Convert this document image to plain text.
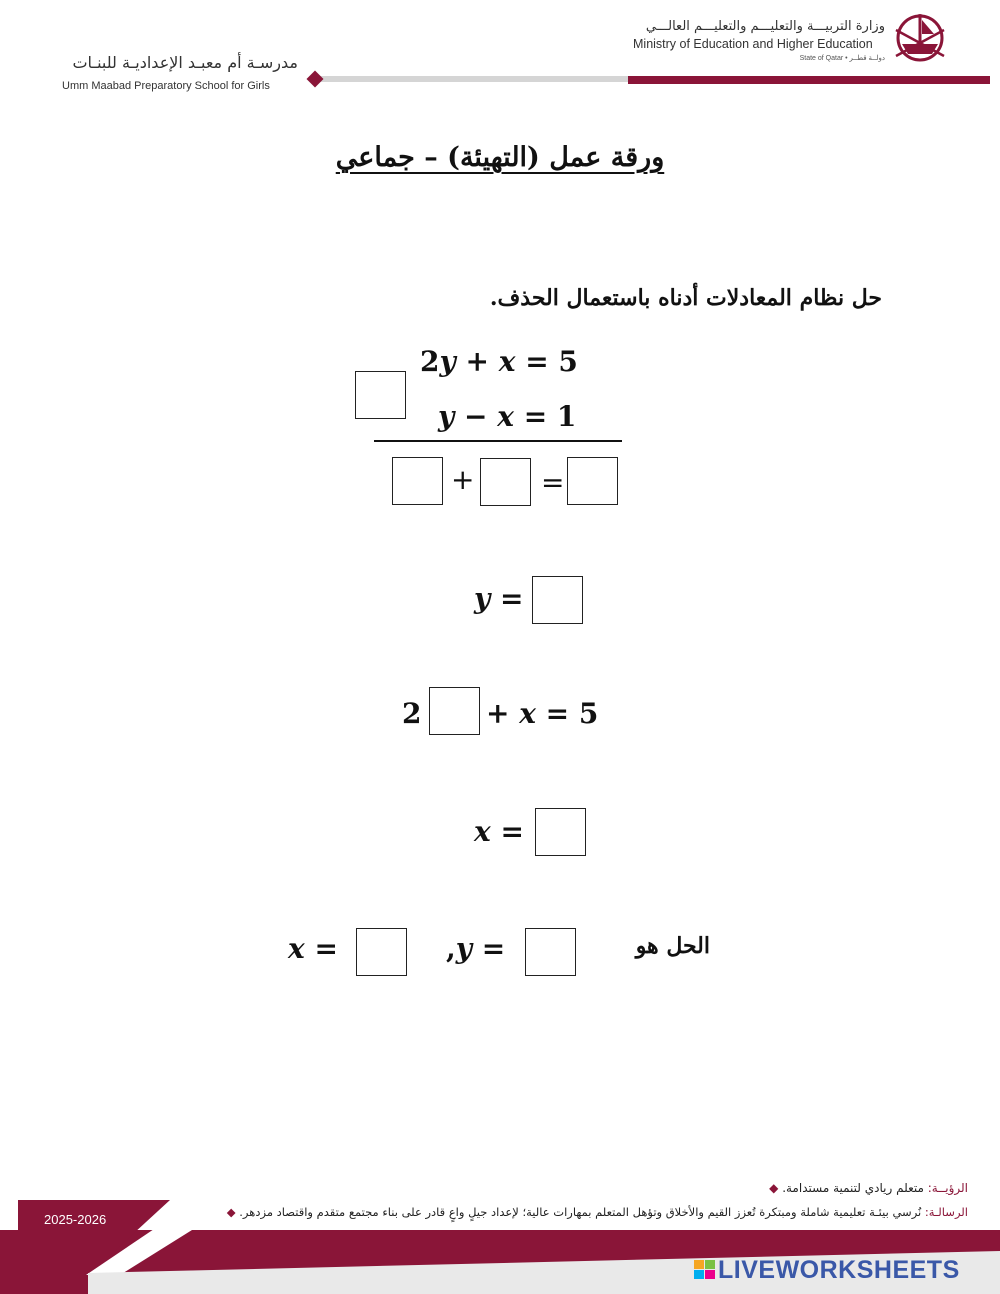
مدرسـة أم معبـد الإعداديـة للبنـات
Umm Maabad Preparatory School for Girls
وزارة التربيـــة والتعليـــم والتعليـــم العالـــي
Ministry of Education and Higher Education
State of Qatar • دولــة قطــر
ورقة عمل (التهيئة) – جماعي
حل نظام المعادلات أدناه باستعمال الحذف.
2y + x = 5
y − x = 1
+ =
y =
2 + x = 5
x =
x =	,y =	الحل هو
الرؤيــة: متعلم ريادي لتنمية مستدامة. ◆
الرسالـة: نُرسي بيئـة تعليمية شاملة ومبتكرة تُعزز القيم والأخلاق وتؤهل المتعلم بمهارات عالية؛ لإعداد جيلٍ واعٍ قادر على بناء مجتمع متقدم واقتصاد مزدهر. ◆
2025-2026
LIVEWORKSHEETS
